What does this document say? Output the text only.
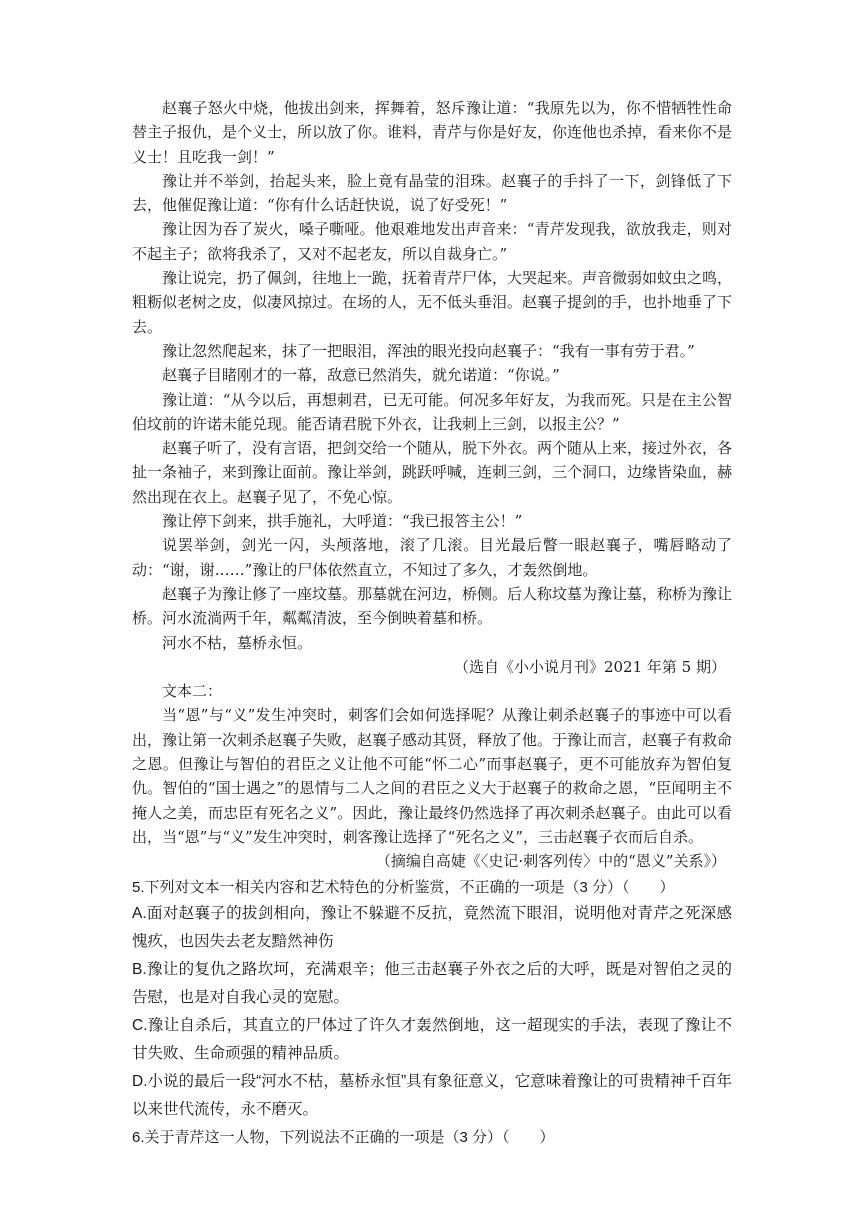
赵襄子怒火中烧，他拔出剑来，挥舞着，怒斥豫让道：“我原先以为，你不惜牺牲性命替主子报仇，是个义士，所以放了你。谁料，青芹与你是好友，你连他也杀掉，看来你不是义士！且吃我一剑！”

豫让并不举剑，抬起头来，脸上竟有晶莹的泪珠。赵襄子的手抖了一下，剑锋低了下去，他催促豫让道：“你有什么话赶快说，说了好受死！”

豫让因为吞了炭火，嗓子嘶哑。他艰难地发出声音来：“青芹发现我，欲放我走，则对不起主子；欲将我杀了，又对不起老友，所以自裁身亡。”

豫让说完，扔了佩剑，往地上一跪，抚着青芹尸体，大哭起来。声音微弱如蚊虫之鸣，粗粝似老树之皮，似凄风掠过。在场的人，无不低头垂泪。赵襄子提剑的手，也扑地垂了下去。

豫让忽然爬起来，抹了一把眼泪，浑浊的眼光投向赵襄子：“我有一事有劳于君。”

赵襄子目睹刚才的一幕，敌意已然消失，就允诺道：“你说。”

豫让道：“从今以后，再想刺君，已无可能。何况多年好友，为我而死。只是在主公智伯坟前的许诺未能兑现。能否请君脱下外衣，让我刺上三剑，以报主公？”

赵襄子听了，没有言语，把剑交给一个随从，脱下外衣。两个随从上来，接过外衣，各扯一条袖子，来到豫让面前。豫让举剑，跳跃呼喊，连刺三剑，三个洞口，边缘皆染血，赫然出现在衣上。赵襄子见了，不免心惊。

豫让停下剑来，拱手施礼，大呼道：“我已报答主公！”

说罢举剑，剑光一闪，头颅落地，滚了几滚。目光最后瞥一眼赵襄子，嘴唇略动了动：“谢，谢……”豫让的尸体依然直立，不知过了多久，才轰然倒地。

赵襄子为豫让修了一座坟墓。那墓就在河边，桥侧。后人称坟墓为豫让墓，称桥为豫让桥。河水流淌两千年，粼粼清波，至今倒映着墓和桥。

河水不枯，墓桥永恒。

（选自《小小说月刊》2021 年第 5 期）

文本二：

当“恩”与“义”发生冲突时，刺客们会如何选择呢？从豫让刺杀赵襄子的事迹中可以看出，豫让第一次刺杀赵襄子失败，赵襄子感动其贤，释放了他。于豫让而言，赵襄子有救命之恩。但豫让与智伯的君臣之义让他不可能“怀二心”而事赵襄子，更不可能放弃为智伯复仇。智伯的“国士遇之”的恩情与二人之间的君臣之义大于赵襄子的救命之恩，“臣闻明主不掩人之美，而忠臣有死名之义”。因此，豫让最终仍然选择了再次刺杀赵襄子。由此可以看出，当“恩”与“义”发生冲突时，刺客豫让选择了“死名之义”，三击赵襄子衣而后自杀。

（摘编自高婕《〈史记·刺客列传〉中的“恩义”关系》）

5.下列对文本一相关内容和艺术特色的分析鉴赏，不正确的一项是（3 分）（　　）

A.面对赵襄子的拔剑相向，豫让不躲避不反抗，竟然流下眼泪，说明他对青芹之死深感愧疚，也因失去老友黯然神伤

B.豫让的复仇之路坎坷，充满艰辛；他三击赵襄子外衣之后的大呼，既是对智伯之灵的告慰，也是对自我心灵的宽慰。

C.豫让自杀后，其直立的尸体过了许久才轰然倒地，这一超现实的手法，表现了豫让不甘失败、生命顽强的精神品质。

D.小说的最后一段“河水不枯，墓桥永恒”具有象征意义，它意味着豫让的可贵精神千百年以来世代流传，永不磨灭。

6.关于青芹这一人物，下列说法不正确的一项是（3 分）（　　）
